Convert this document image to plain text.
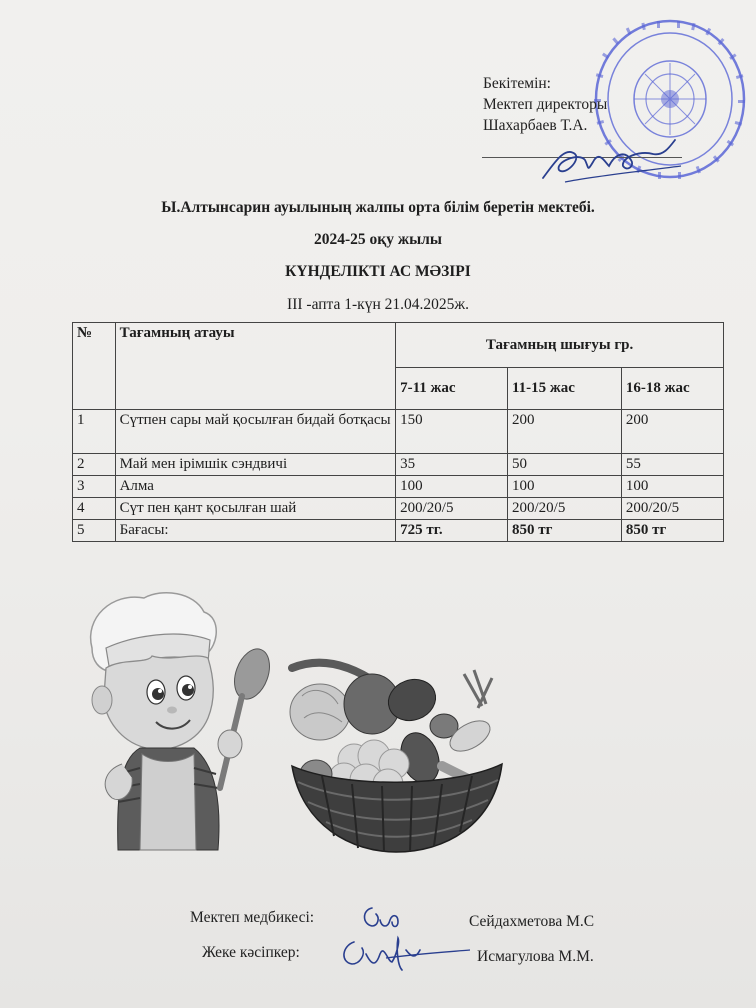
Бекітемін:
Мектеп директоры
Шахарбаев Т.А.
Ы.Алтынсарин ауылының жалпы орта білім беретін мектебі.
2024-25 оқу жылы
КҮНДЕЛІКТІ АС МӘЗІРІ
ІІІ -апта 1-күн 21.04.2025ж.
№	Тағамның атауы	Тағамның шығуы гр.		
		7-11 жас	11-15 жас	16-18 жас
1	Сүтпен сары май қосылған бидай ботқасы	150	200	200
2	Май мен ірімшік сэндвичі	35	50	55
3	Алма	100	100	100
4	Сүт пен қант қосылған шай	200/20/5	200/20/5	200/20/5
5	Бағасы:	725 тг.	850 тг	850 тг
Мектеп медбикесі:	Сейдахметова М.С
Жеке кәсіпкер:	Исмагулова М.М.
